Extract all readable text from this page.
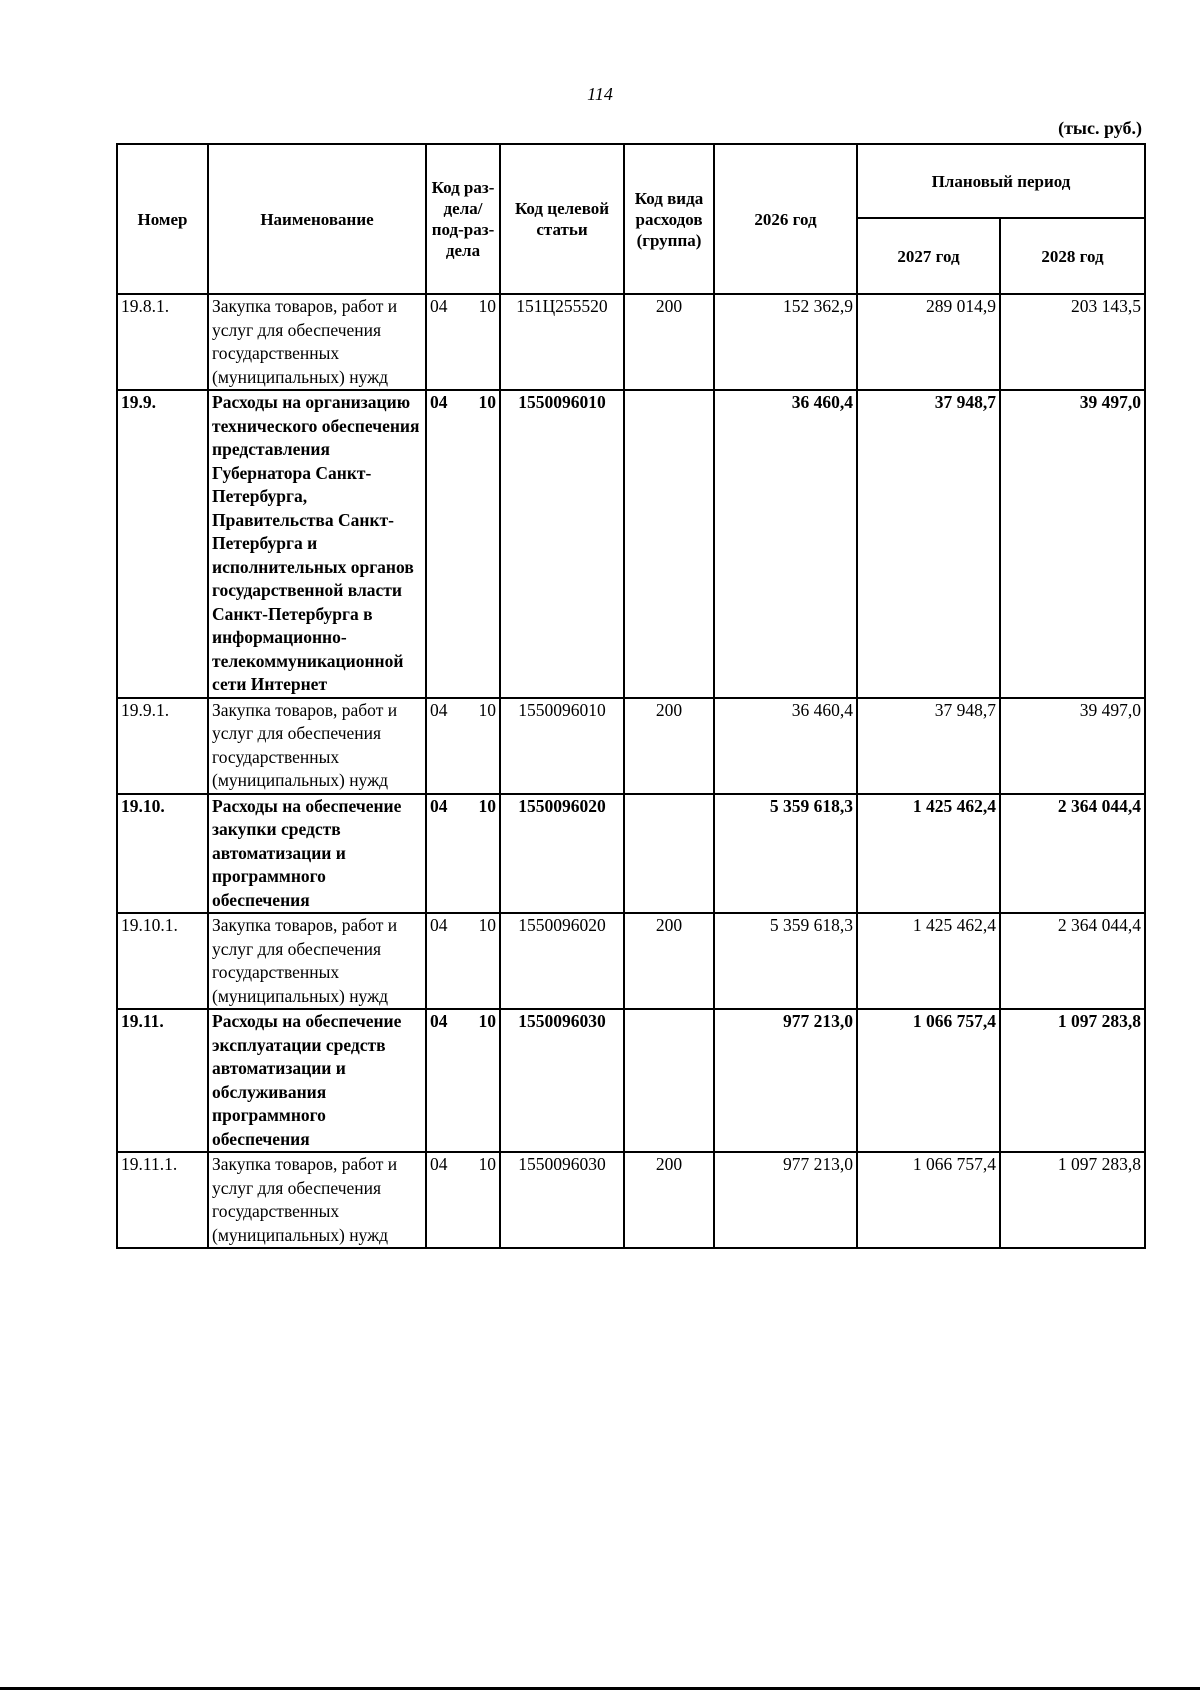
114
(тыс. руб.)
Номер	Наименование	Код раз-дела/ под-раз-дела	Код целевой статьи	Код вида расходов (группа)	2026 год	Плановый период	
						2027 год	2028 год
19.8.1.	Закупка товаров, работ и услуг для обеспечения государственных (муниципальных) нужд	04 10	151Ц255520	200	152 362,9	289 014,9	203 143,5
19.9.	Расходы на организацию технического обеспечения представления Губернатора Санкт-Петербурга, Правительства Санкт-Петербурга и исполнительных органов государственной власти Санкт-Петербурга в информационно-телекоммуникационной сети Интернет	04 10	1550096010		36 460,4	37 948,7	39 497,0
19.9.1.	Закупка товаров, работ и услуг для обеспечения государственных (муниципальных) нужд	04 10	1550096010	200	36 460,4	37 948,7	39 497,0
19.10.	Расходы на обеспечение закупки средств автоматизации и программного обеспечения	04 10	1550096020		5 359 618,3	1 425 462,4	2 364 044,4
19.10.1.	Закупка товаров, работ и услуг для обеспечения государственных (муниципальных) нужд	04 10	1550096020	200	5 359 618,3	1 425 462,4	2 364 044,4
19.11.	Расходы на обеспечение эксплуатации средств автоматизации и обслуживания программного обеспечения	04 10	1550096030		977 213,0	1 066 757,4	1 097 283,8
19.11.1.	Закупка товаров, работ и услуг для обеспечения государственных (муниципальных) нужд	04 10	1550096030	200	977 213,0	1 066 757,4	1 097 283,8
